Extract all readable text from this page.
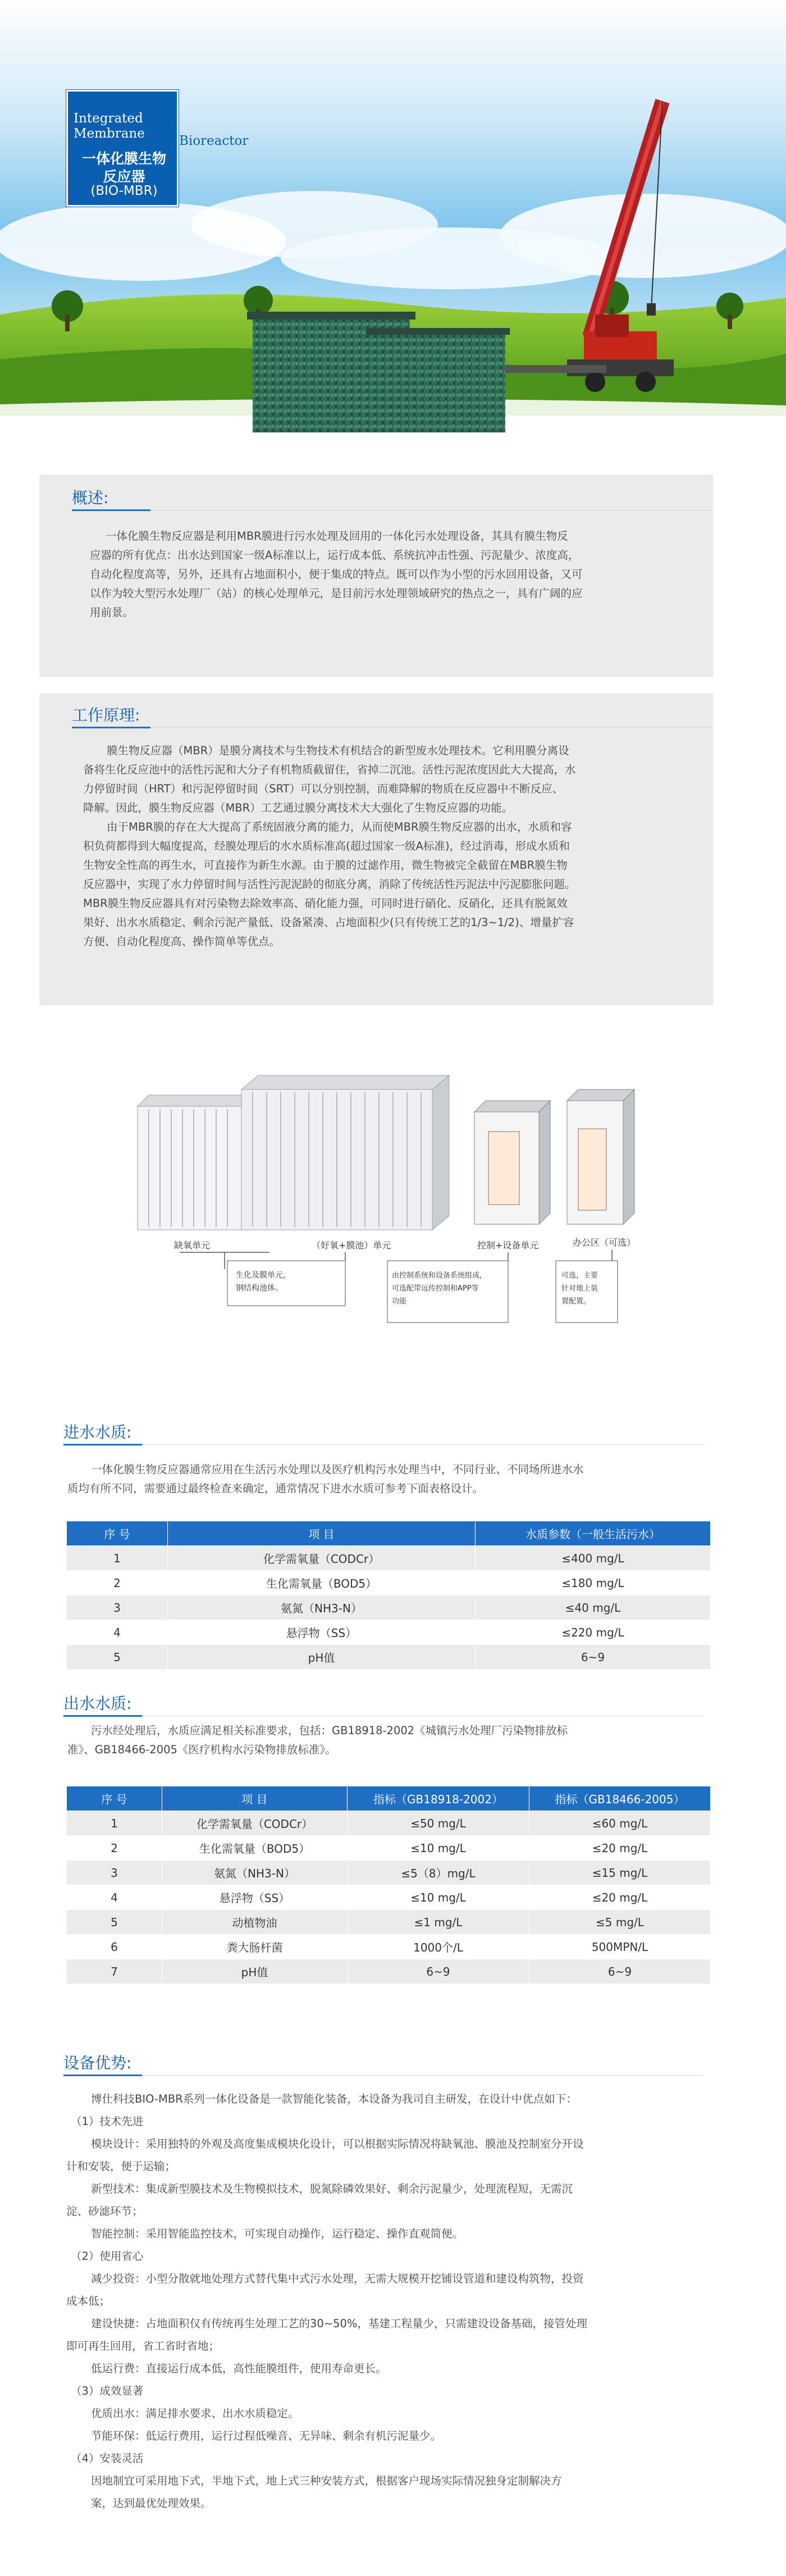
Integrated
Membrane	Bioreactor
一体化膜生物
反应器
(BIO-MBR)
概述:
一体化膜生物反应器是利用MBR膜进行污水处理及回用的一体化污水处理设备，其具有膜生物反
应器的所有优点：出水达到国家一级A标准以上，运行成本低、系统抗冲击性强、污泥量少、浓度高，
自动化程度高等，另外，还具有占地面积小，便于集成的特点。既可以作为小型的污水回用设备，又可
以作为较大型污水处理厂（站）的核心处理单元，是目前污水处理领域研究的热点之一，具有广阔的应
用前景。
工作原理:
膜生物反应器（MBR）是膜分离技术与生物技术有机结合的新型废水处理技术。它利用膜分离设
备将生化反应池中的活性污泥和大分子有机物质截留住，省掉二沉池。活性污泥浓度因此大大提高，水
力停留时间（HRT）和污泥停留时间（SRT）可以分别控制，而难降解的物质在反应器中不断反应、
降解。因此，膜生物反应器（MBR）工艺通过膜分离技术大大强化了生物反应器的功能。
由于MBR膜的存在大大提高了系统固液分离的能力，从而使MBR膜生物反应器的出水，水质和容
积负荷都得到大幅度提高，经膜处理后的水水质标准高(超过国家一级A标准)，经过消毒，形成水质和
生物安全性高的再生水，可直接作为新生水源。由于膜的过滤作用，微生物被完全截留在MBR膜生物
反应器中，实现了水力停留时间与活性污泥泥龄的彻底分离，消除了传统活性污泥法中污泥膨胀问题。
MBR膜生物反应器具有对污染物去除效率高、硝化能力强，可同时进行硝化、反硝化，还具有脱氮效
果好、出水水质稳定、剩余污泥产量低、设备紧凑、占地面积少(只有传统工艺的1/3~1/2)、增量扩容
方便、自动化程度高、操作简单等优点。
缺氧单元	（好氧+膜池）单元	控制+设备单元	办公区（可选）
生化及膜单元，
钢结构池体。
由控制系统和设备系统组成，
可选配带远传控制和APP等
功能
可选，主要
针对地上装
置配置。
进水水质:
一体化膜生物反应器通常应用在生活污水处理以及医疗机构污水处理当中，不同行业、不同场所进水水
质均有所不同，需要通过最终检查来确定，通常情况下进水水质可参考下面表格设计。
序 号	项 目	水质参数（一般生活污水）
1	化学需氧量（CODCr）	≤400 mg/L
2	生化需氧量（BOD5）	≤180 mg/L
3	氨氮（NH3-N）	≤40 mg/L
4	悬浮物（SS）	≤220 mg/L
5	pH值	6~9
出水水质:
污水经处理后，水质应满足相关标准要求，包括：GB18918-2002《城镇污水处理厂污染物排放标
准》、GB18466-2005《医疗机构水污染物排放标准》。
序 号	项 目	指标（GB18918-2002）	指标（GB18466-2005）
1	化学需氧量（CODCr）	≤50 mg/L	≤60 mg/L
2	生化需氧量（BOD5）	≤10 mg/L	≤20 mg/L
3	氨氮（NH3-N）	≤5（8）mg/L	≤15 mg/L
4	悬浮物（SS）	≤10 mg/L	≤20 mg/L
5	动植物油	≤1 mg/L	≤5 mg/L
6	粪大肠杆菌	1000个/L	500MPN/L
7	pH值	6~9	6~9
设备优势:
博仕科技BIO-MBR系列一体化设备是一款智能化装备，本设备为我司自主研发，在设计中优点如下：
（1）技术先进
模块设计：采用独特的外观及高度集成模块化设计，可以根据实际情况将缺氧池、膜池及控制室分开设
计和安装，便于运输；
新型技术：集成新型膜技术及生物模拟技术，脱氮除磷效果好、剩余污泥量少，处理流程短，无需沉
淀、砂滤环节；
智能控制：采用智能监控技术，可实现自动操作，运行稳定、操作直观简便。
（2）使用省心
减少投资：小型分散就地处理方式替代集中式污水处理，无需大规模开挖铺设管道和建设构筑物，投资
成本低；
建设快捷：占地面积仅有传统再生处理工艺的30~50%，基建工程量少，只需建设设备基础，接管处理
即可再生回用，省工省时省地；
低运行费：直接运行成本低，高性能膜组件，使用寿命更长。
（3）成效显著
优质出水：满足排水要求、出水水质稳定。
节能环保：低运行费用，运行过程低噪音、无异味、剩余有机污泥量少。
（4）安装灵活
因地制宜可采用地下式，半地下式，地上式三种安装方式，根据客户现场实际情况独身定制解决方
案，达到最优处理效果。
